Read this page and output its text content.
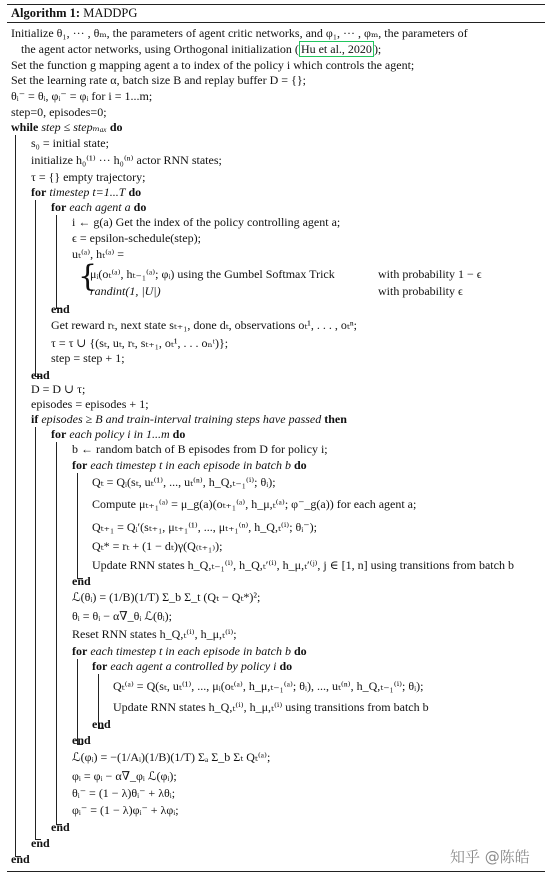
Algorithm 1: MADDPG
Initialize θ₁, ··· , θₘ, the parameters of agent critic networks, and φ₁, ··· , φₘ, the parameters of
the agent actor networks, using Orthogonal initialization ( Hu et al., 2020 );
Set the function g mapping agent a to index of the policy i which controls the agent;
Set the learning rate α, batch size B and replay buffer D = {};
θᵢ⁻ = θᵢ, φᵢ⁻ = φᵢ for i = 1...m;
step=0, episodes=0;
while step ≤ stepₘₐₓ do
s₀ = initial state;
initialize h₀⁽¹⁾ ··· h₀⁽ⁿ⁾ actor RNN states;
τ = {} empty trajectory;
for timestep t=1...T do
for each agent a do
i ← g(a) Get the index of the policy controlling agent a;
ϵ = epsilon-schedule(step);
uₜ⁽ᵃ⁾, hₜ⁽ᵃ⁾ =
{
μᵢ(oₜ⁽ᵃ⁾, hₜ₋₁⁽ᵃ⁾; φᵢ) using the Gumbel Softmax Trick	with probability 1 − ϵ
randint(1, |U|)	with probability ϵ
end
Get reward rₜ, next state sₜ₊₁, done dₜ, observations oₜ¹, . . . , oₜⁿ;
τ = τ ∪ {(sₜ, uₜ, rₜ, sₜ₊₁, oₜ¹, . . . oₙᵗ)};
step = step + 1;
end
D = D ∪ τ;
episodes = episodes + 1;
if episodes ≥ B and train-interval training steps have passed then
for each policy i in 1...m do
b ← random batch of B episodes from D for policy i;
for each timestep t in each episode in batch b do
Qₜ = Qᵢ(sₜ, uₜ⁽¹⁾, ..., uₜ⁽ⁿ⁾, h_Q,ₜ₋₁⁽ⁱ⁾; θᵢ);
Compute μₜ₊₁⁽ᵃ⁾ = μ_g(a)(oₜ₊₁⁽ᵃ⁾, h_μ,ₜ⁽ᵃ⁾; φ⁻_g(a)) for each agent a;
Qₜ₊₁ = Qᵢ′(sₜ₊₁, μₜ₊₁⁽¹⁾, ..., μₜ₊₁⁽ⁿ⁾, h_Q,ₜ⁽ⁱ⁾; θᵢ⁻);
Qₜ* = rₜ + (1 − dₜ)γ(Q₍ₜ₊₁₎);
Update RNN states h_Q,ₜ₋₁⁽ⁱ⁾, h_Q,ₜ′⁽ⁱ⁾, h_μ,ₜ′⁽ʲ⁾, j ∈ [1, n] using transitions from batch b
end
ℒ(θᵢ) = (1/B)(1/T) Σ_b Σ_t (Qₜ − Qₜ*)²;
θᵢ = θᵢ − α∇_θᵢ ℒ(θᵢ);
Reset RNN states h_Q,ₜ⁽ⁱ⁾, h_μ,ₜ⁽ⁱ⁾;
for each timestep t in each episode in batch b do
for each agent a controlled by policy i do
Qₜ⁽ᵃ⁾ = Q(sₜ, uₜ⁽¹⁾, ..., μᵢ(oₜ⁽ᵃ⁾, h_μ,ₜ₋₁⁽ᵃ⁾; θᵢ), ..., uₜ⁽ⁿ⁾, h_Q,ₜ₋₁⁽ⁱ⁾; θᵢ);
Update RNN states h_Q,ₜ⁽ⁱ⁾, h_μ,ₜ⁽ⁱ⁾ using transitions from batch b
end
end
ℒ(φᵢ) = −(1/Aᵢ)(1/B)(1/T) Σₐ Σ_b Σₜ Qₜ⁽ᵃ⁾;
φᵢ = φᵢ − α∇_φᵢ ℒ(φᵢ);
θᵢ⁻ = (1 − λ)θᵢ⁻ + λθᵢ;
φᵢ⁻ = (1 − λ)φᵢ⁻ + λφᵢ;
end
end
end	知乎 @陈皓
